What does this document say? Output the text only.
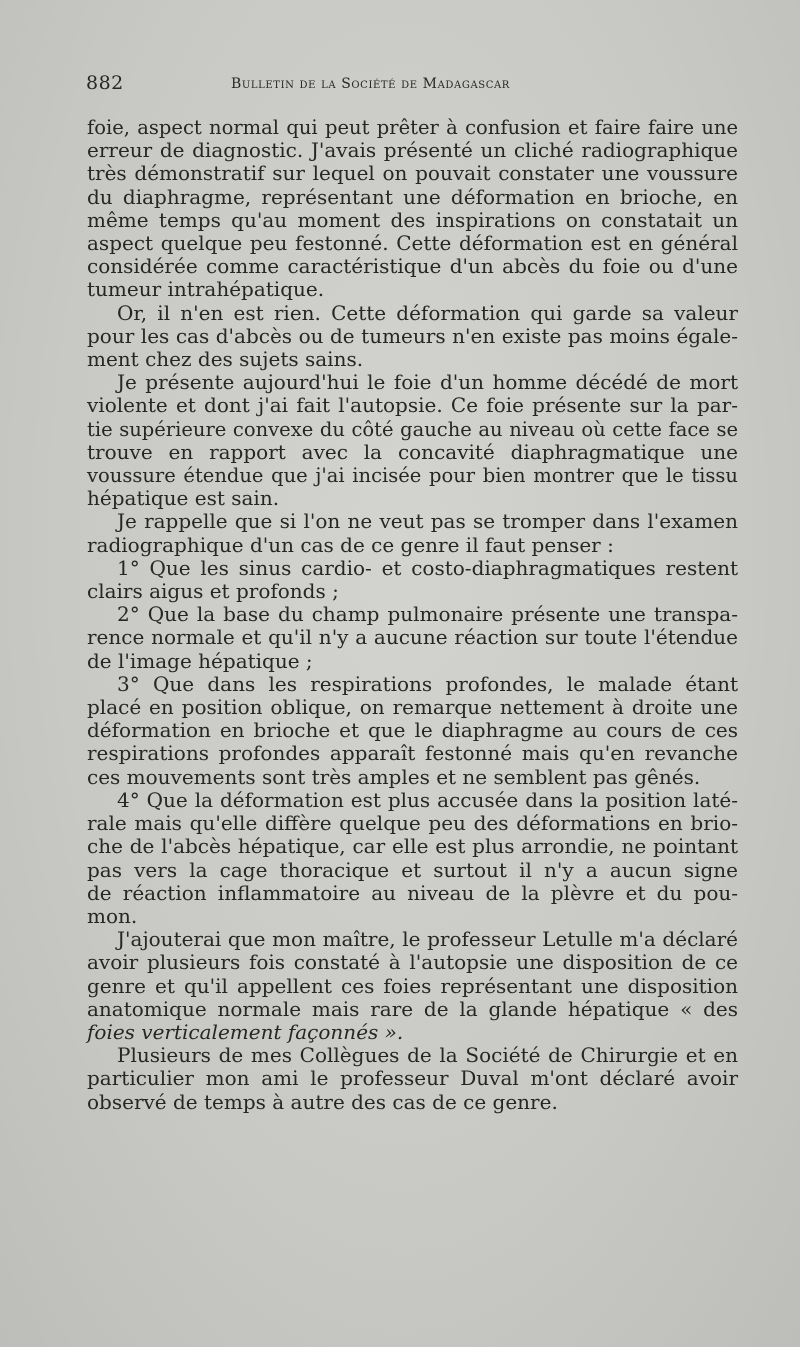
882	Bulletin de la Société de Madagascar

foie, aspect normal qui peut prêter à confusion et faire faire une
erreur de diagnostic. J'avais présenté un cliché radiographique
très démonstratif sur lequel on pouvait constater une voussure
du diaphragme, représentant une déformation en brioche, en
même temps qu'au moment des inspirations on constatait un
aspect quelque peu festonné. Cette déformation est en général
considérée comme caractéristique d'un abcès du foie ou d'une
tumeur intrahépatique.

Or, il n'en est rien. Cette déformation qui garde sa valeur
pour les cas d'abcès ou de tumeurs n'en existe pas moins égale-
ment chez des sujets sains.

Je présente aujourd'hui le foie d'un homme décédé de mort
violente et dont j'ai fait l'autopsie. Ce foie présente sur la par-
tie supérieure convexe du côté gauche au niveau où cette face se
trouve en rapport avec la concavité diaphragmatique une
voussure étendue que j'ai incisée pour bien montrer que le tissu
hépatique est sain.

Je rappelle que si l'on ne veut pas se tromper dans l'examen
radiographique d'un cas de ce genre il faut penser :

1° Que les sinus cardio- et costo-diaphragmatiques restent
clairs aigus et profonds ;

2° Que la base du champ pulmonaire présente une transpa-
rence normale et qu'il n'y a aucune réaction sur toute l'étendue
de l'image hépatique ;

3° Que dans les respirations profondes, le malade étant
placé en position oblique, on remarque nettement à droite une
déformation en brioche et que le diaphragme au cours de ces
respirations profondes apparaît festonné mais qu'en revanche
ces mouvements sont très amples et ne semblent pas gênés.

4° Que la déformation est plus accusée dans la position laté-
rale mais qu'elle diffère quelque peu des déformations en brio-
che de l'abcès hépatique, car elle est plus arrondie, ne pointant
pas vers la cage thoracique et surtout il n'y a aucun signe
de réaction inflammatoire au niveau de la plèvre et du pou-
mon.

J'ajouterai que mon maître, le professeur Letulle m'a déclaré
avoir plusieurs fois constaté à l'autopsie une disposition de ce
genre et qu'il appellent ces foies représentant une disposition
anatomique normale mais rare de la glande hépatique « des
foies verticalement façonnés ».

Plusieurs de mes Collègues de la Société de Chirurgie et en
particulier mon ami le professeur Duval m'ont déclaré avoir
observé de temps à autre des cas de ce genre.
